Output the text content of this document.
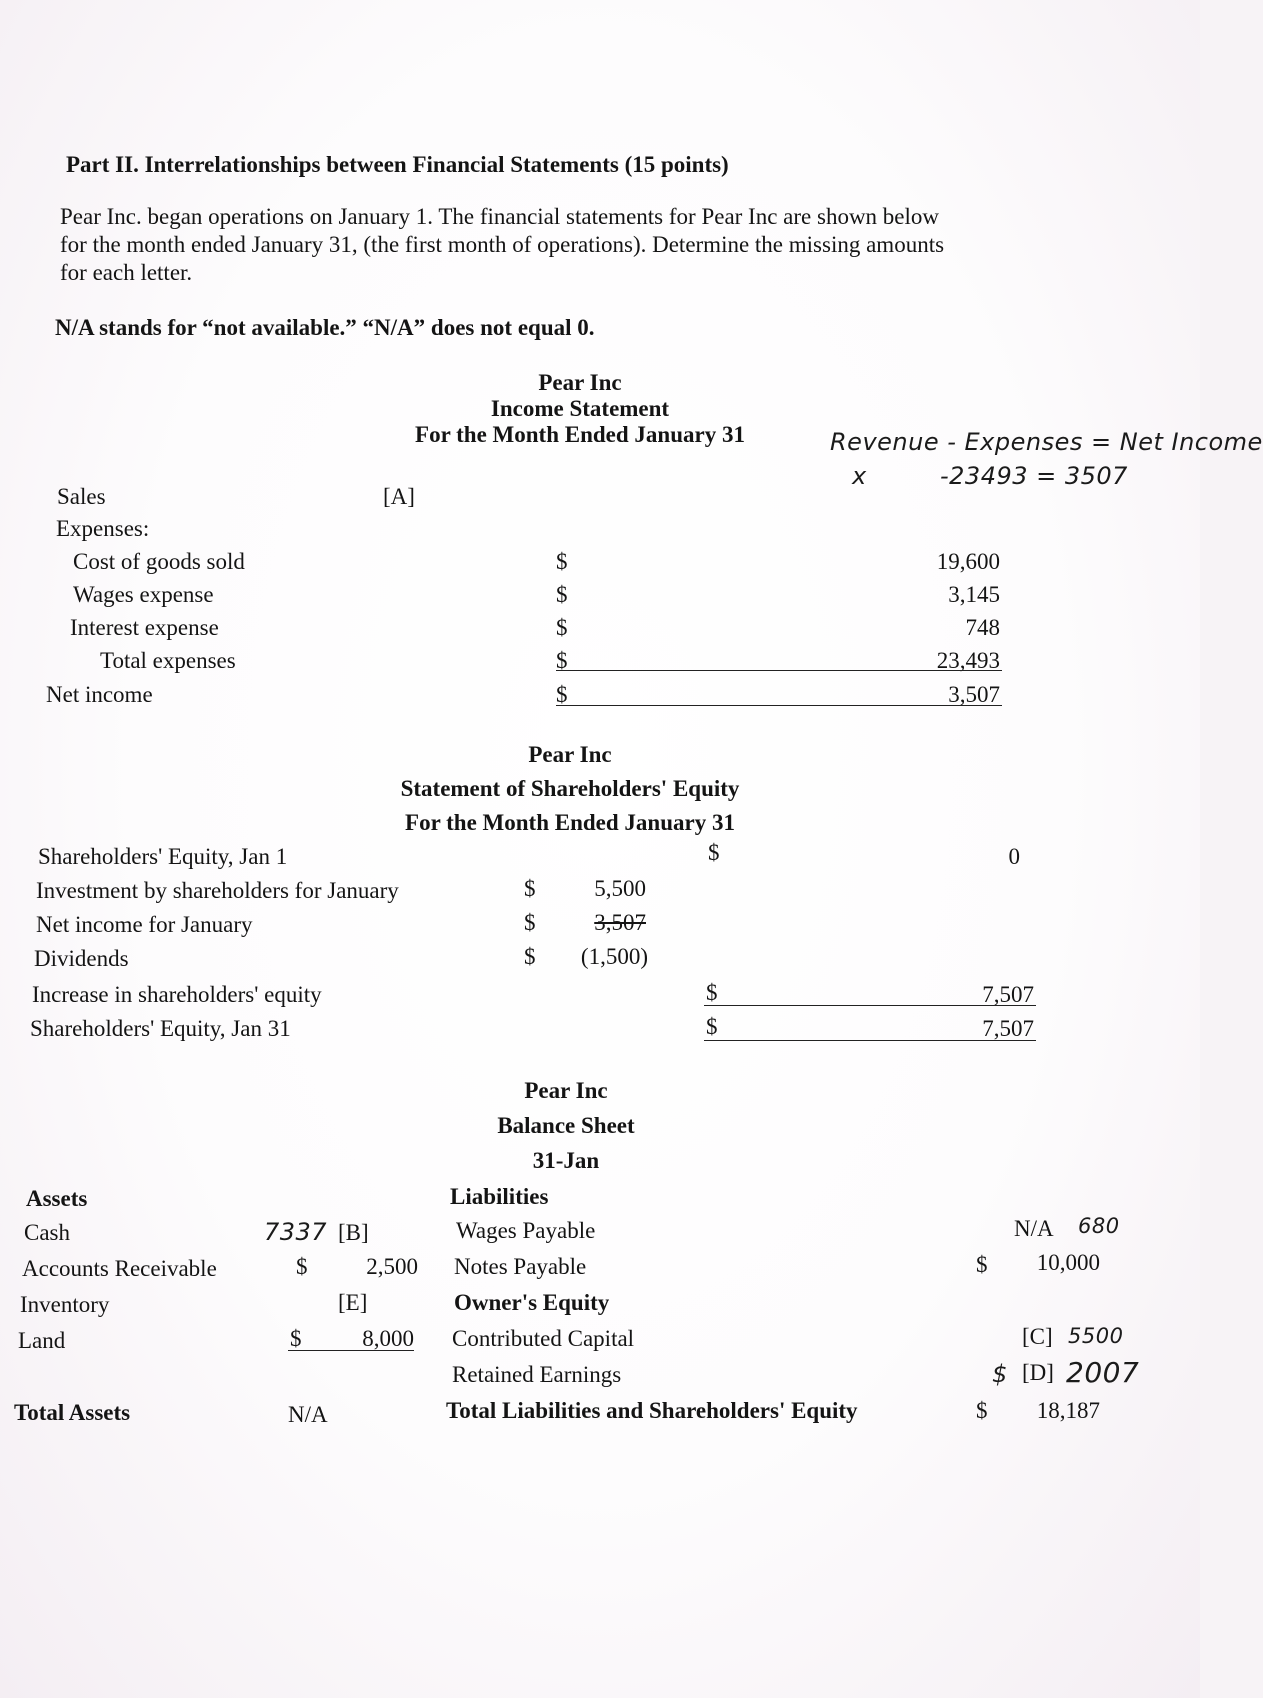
Part II. Interrelationships between Financial Statements (15 points)
Pear Inc. began operations on January 1. The financial statements for Pear Inc are shown below
for the month ended January 31, (the first month of operations). Determine the missing amounts
for each letter.
N/A stands for “not available.” “N/A” does not equal 0.
Pear Inc
Income Statement
For the Month Ended January 31	Revenue - Expenses = Net Income
x	-23493 = 3507
Sales	[A]
Expenses:
Cost of goods sold	$	19,600
Wages expense	$	3,145
Interest expense	$	748
Total expenses	$	23,493
Net income	$	3,507
Pear Inc
Statement of Shareholders' Equity
For the Month Ended January 31
Shareholders' Equity, Jan 1	$	0
Investment by shareholders for January	$	5,500
Net income for January	$	3,507
Dividends	$	(1,500)
Increase in shareholders' equity	$	7,507
Shareholders' Equity, Jan 31	$	7,507
Pear Inc
Balance Sheet
31-Jan
Assets	Liabilities
Cash	7337 [B]	Wages Payable	N/A 680
Accounts Receivable	$	2,500 Notes Payable	$	10,000
Inventory	[E]	Owner's Equity
Land	$	8,000 Contributed Capital	[C] 5500
Retained Earnings	$ [D] 2007
Total Assets	N/A	Total Liabilities and Shareholders' Equity	$	18,187
